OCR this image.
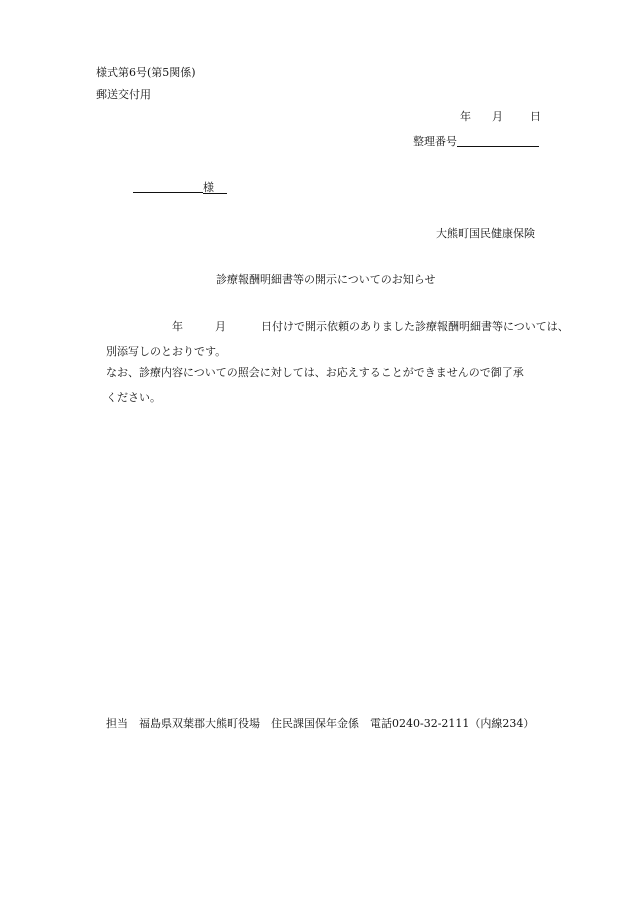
様式第6号(第5関係)
郵送交付用
年 月 日
整理番号
様
大熊町国民健康保険
診療報酬明細書等の開示についてのお知らせ
年	月	日付けで開示依頼のありました診療報酬明細書等については、
別添写しのとおりです。
なお、診療内容についての照会に対しては、お応えすることができませんので御了承
ください。
担当　福島県双葉郡大熊町役場　住民課国保年金係　電話0240-32-2111（内線234）
